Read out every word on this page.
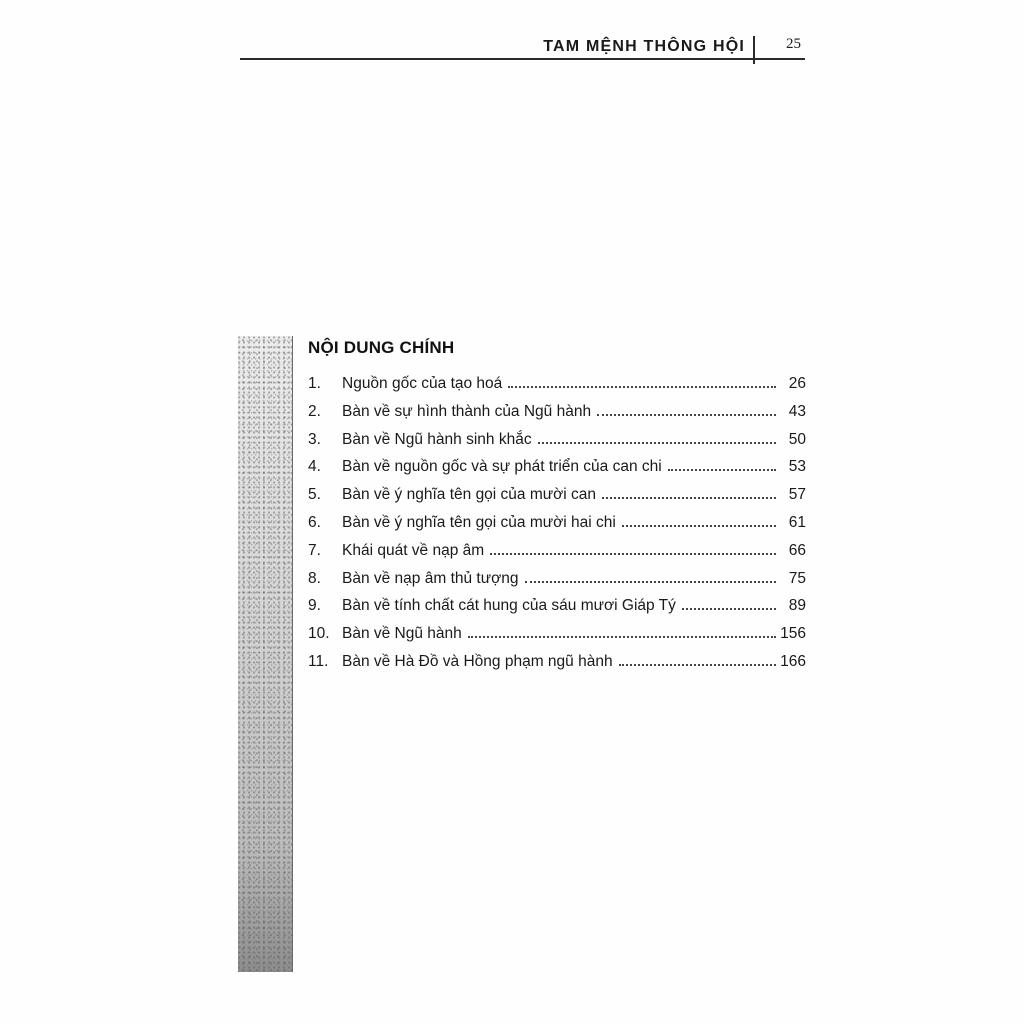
TAM MỆNH THÔNG HỘI	25
NỘI DUNG CHÍNH
1.	Nguồn gốc của tạo hoá	26
2.	Bàn về sự hình thành của Ngũ hành	43
3.	Bàn về Ngũ hành sinh khắc	50
4.	Bàn về nguồn gốc và sự phát triển của can chi	53
5.	Bàn về ý nghĩa tên gọi của mười can	57
6.	Bàn về ý nghĩa tên gọi của mười hai chi	61
7.	Khái quát về nạp âm	66
8.	Bàn về nạp âm thủ tượng	75
9.	Bàn về tính chất cát hung của sáu mươi Giáp Tý	89
10. Bàn về Ngũ hành	156
11. Bàn về Hà Đồ và Hồng phạm ngũ hành	166
